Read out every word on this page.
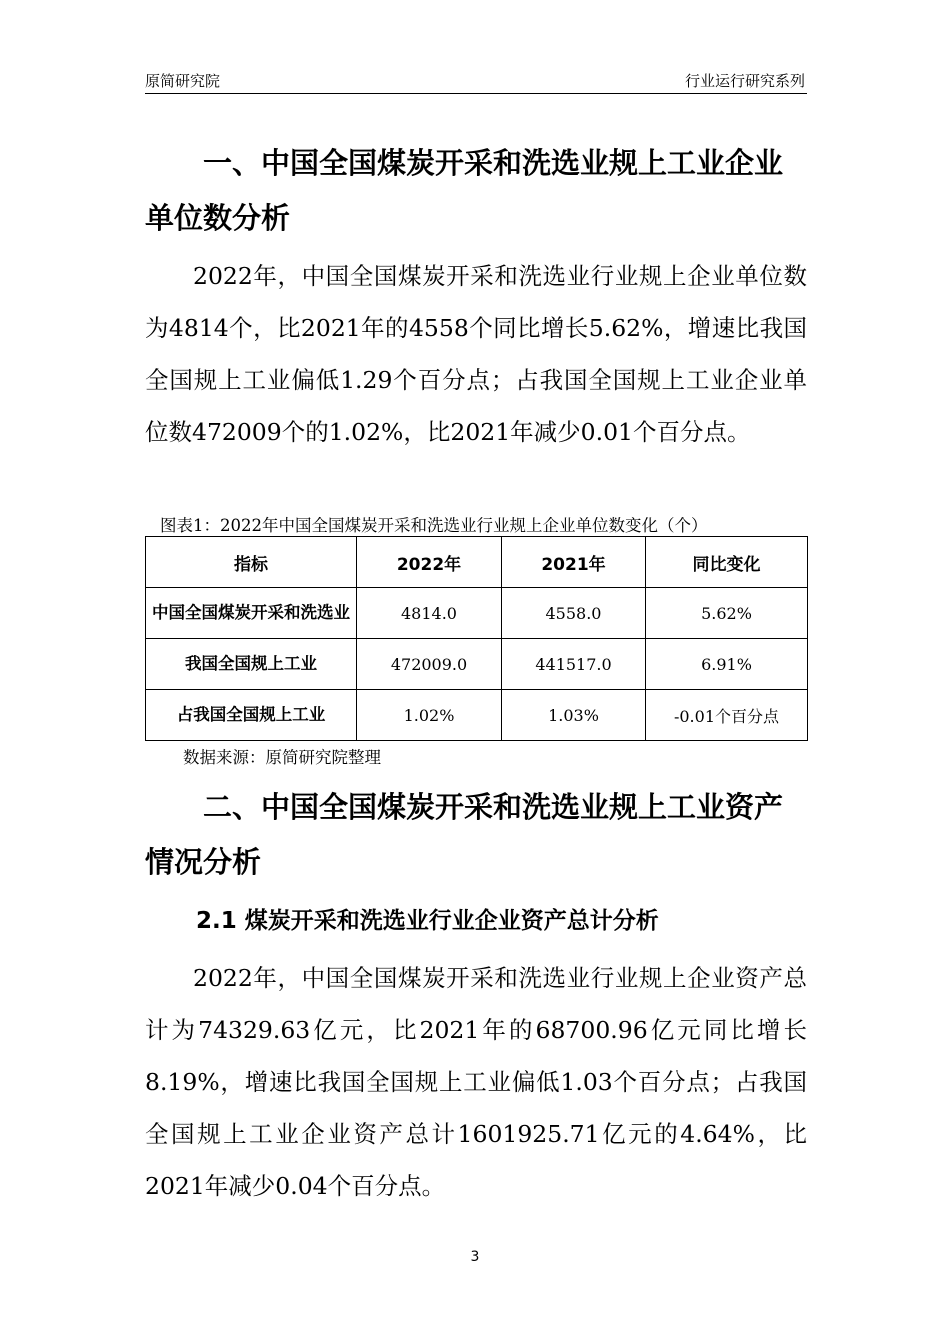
原简研究院	行业运行研究系列
一、中国全国煤炭开采和洗选业规上工业企业单位数分析

2022年，中国全国煤炭开采和洗选业行业规上企业单位数为4814个，比2021年的4558个同比增长5.62%，增速比我国全国规上工业偏低1.29个百分点；占我国全国规上工业企业单位数472009个的1.02%，比2021年减少0.01个百分点。

图表1：2022年中国全国煤炭开采和洗选业行业规上企业单位数变化（个）
指标	2022年	2021年	同比变化
中国全国煤炭开采和洗选业	4814.0	4558.0	5.62%
我国全国规上工业	472009.0	441517.0	6.91%
占我国全国规上工业	1.02%	1.03%	-0.01个百分点
数据来源：原简研究院整理
二、中国全国煤炭开采和洗选业规上工业资产情况分析
2.1 煤炭开采和洗选业行业企业资产总计分析

2022年，中国全国煤炭开采和洗选业行业规上企业资产总计为74329.63亿元，比2021年的68700.96亿元同比增长8.19%，增速比我国全国规上工业偏低1.03个百分点；占我国全国规上工业企业资产总计1601925.71亿元的4.64%，比2021年减少0.04个百分点。

3
